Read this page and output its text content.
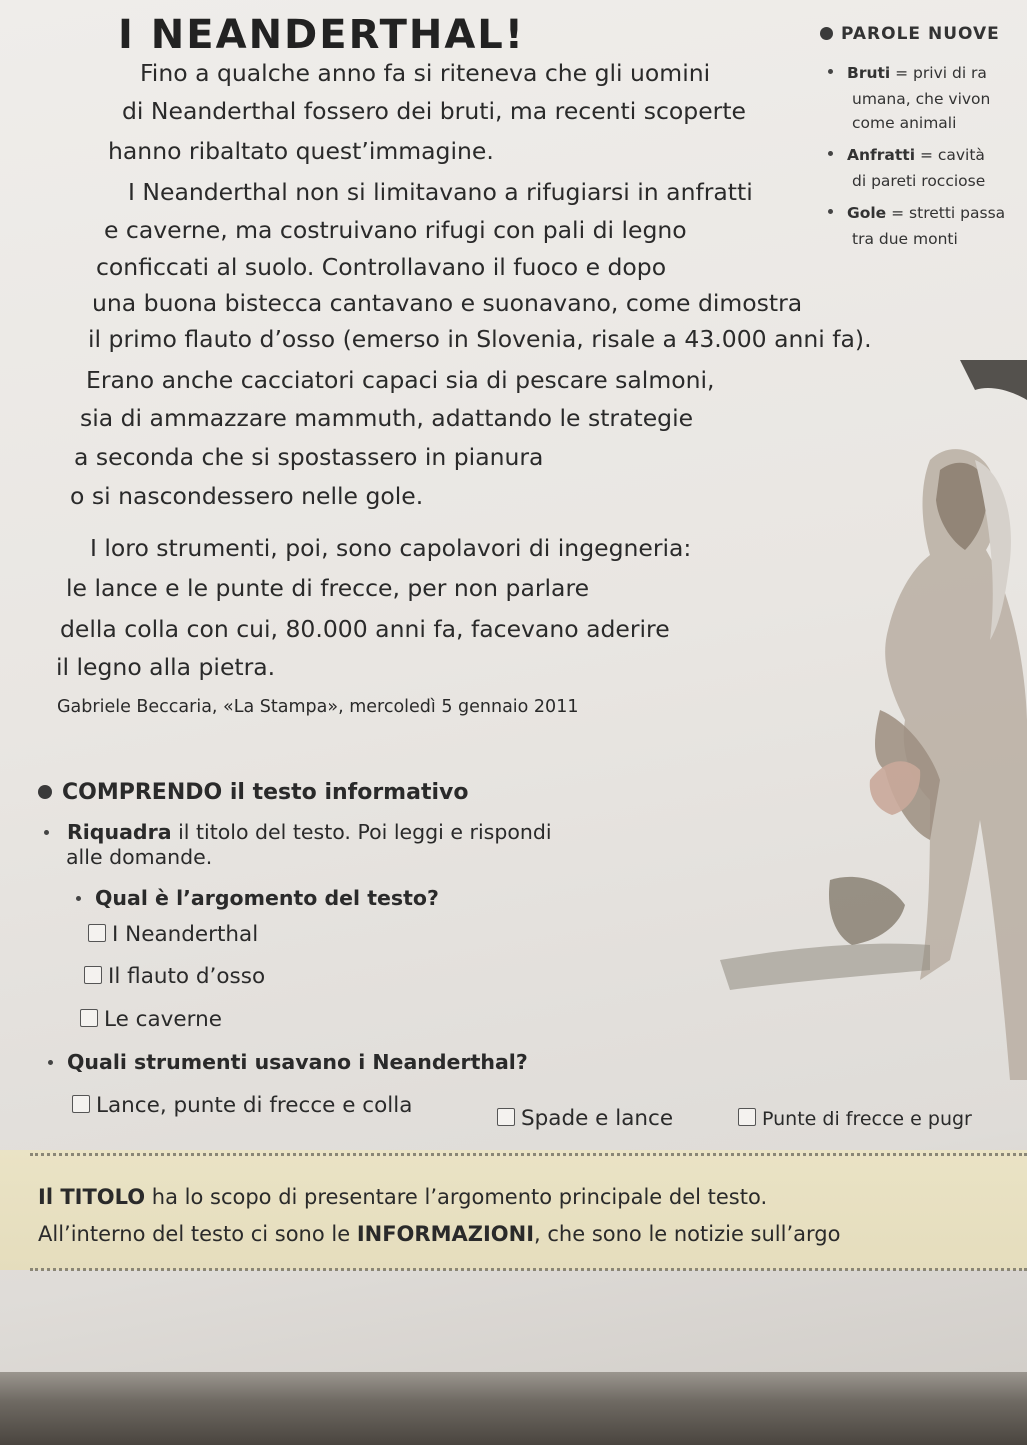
I NEANDERTHAL!	PAROLE NUOVE
Bruti = privi di ra
umana, che vivon
come animali
Anfratti = cavità
di pareti rocciose
Gole = stretti passa
tra due monti
Fino a qualche anno fa si riteneva che gli uomini
di Neanderthal fossero dei bruti, ma recenti scoperte
hanno ribaltato quest’immagine.
I Neanderthal non si limitavano a rifugiarsi in anfratti
e caverne, ma costruivano rifugi con pali di legno
conficcati al suolo. Controllavano il fuoco e dopo
una buona bistecca cantavano e suonavano, come dimostra
il primo flauto d’osso (emerso in Slovenia, risale a 43.000 anni fa).
Erano anche cacciatori capaci sia di pescare salmoni,
sia di ammazzare mammuth, adattando le strategie
a seconda che si spostassero in pianura
o si nascondessero nelle gole.
I loro strumenti, poi, sono capolavori di ingegneria:
le lance e le punte di frecce, per non parlare
della colla con cui, 80.000 anni fa, facevano aderire
il legno alla pietra.
Gabriele Beccaria, «La Stampa», mercoledì 5 gennaio 2011
COMPRENDO il testo informativo
Riquadra il titolo del testo. Poi leggi e rispondi
alle domande.
Qual è l’argomento del testo?
I Neanderthal
Il flauto d’osso
Le caverne
Quali strumenti usavano i Neanderthal?
Lance, punte di frecce e colla
Spade e lance	Punte di frecce e pugr
Il TITOLO ha lo scopo di presentare l’argomento principale del testo.
All’interno del testo ci sono le INFORMAZIONI, che sono le notizie sull’argo
